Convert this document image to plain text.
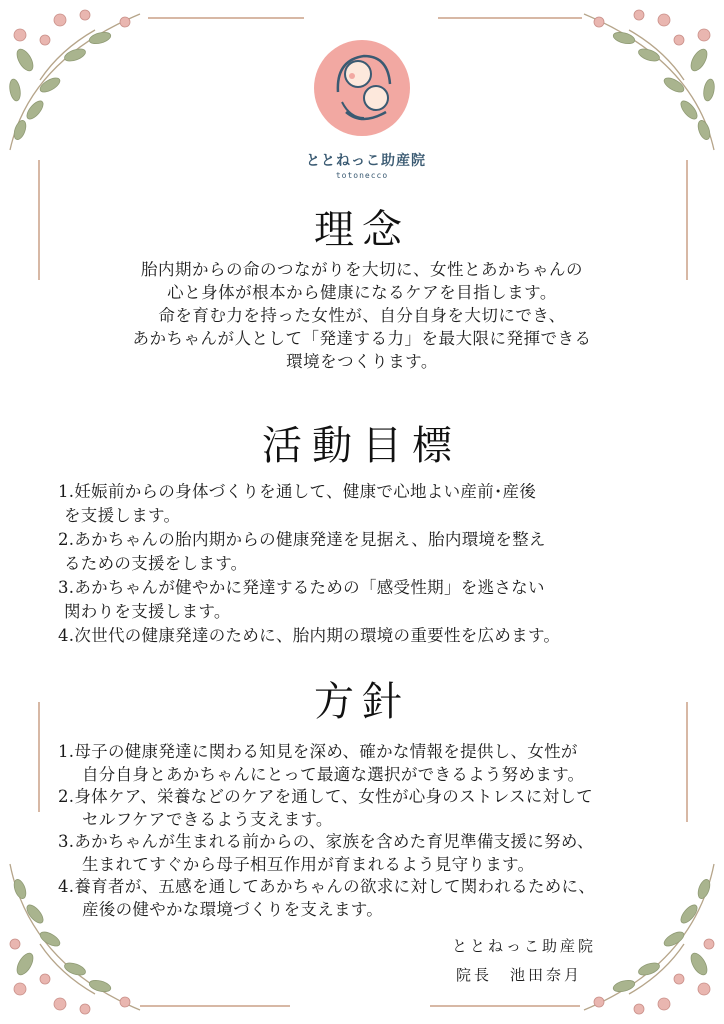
ととねっこ助産院
totonecco
理念
胎内期からの命のつながりを大切に、女性とあかちゃんの
心と身体が根本から健康になるケアを目指します。
命を育む力を持った女性が、自分自身を大切にでき、
あかちゃんが人として「発達する力」を最大限に発揮できる
環境をつくります。
活動目標
1.妊娠前からの身体づくりを通して、健康で心地よい産前･産後
を支援します。
2.あかちゃんの胎内期からの健康発達を見据え、胎内環境を整え
るための支援をします。
3.あかちゃんが健やかに発達するための「感受性期」を逃さない
関わりを支援します。
4.次世代の健康発達のために、胎内期の環境の重要性を広めます。
方針
1.母子の健康発達に関わる知見を深め、確かな情報を提供し、女性が
自分自身とあかちゃんにとって最適な選択ができるよう努めます。
2.身体ケア、栄養などのケアを通して、女性が心身のストレスに対して
セルフケアできるよう支えます。
3.あかちゃんが生まれる前からの、家族を含めた育児準備支援に努め、
生まれてすぐから母子相互作用が育まれるよう見守ります。
4.養育者が、五感を通してあかちゃんの欲求に対して関われるために、
産後の健やかな環境づくりを支えます。
ととねっこ助産院
院長　池田奈月
